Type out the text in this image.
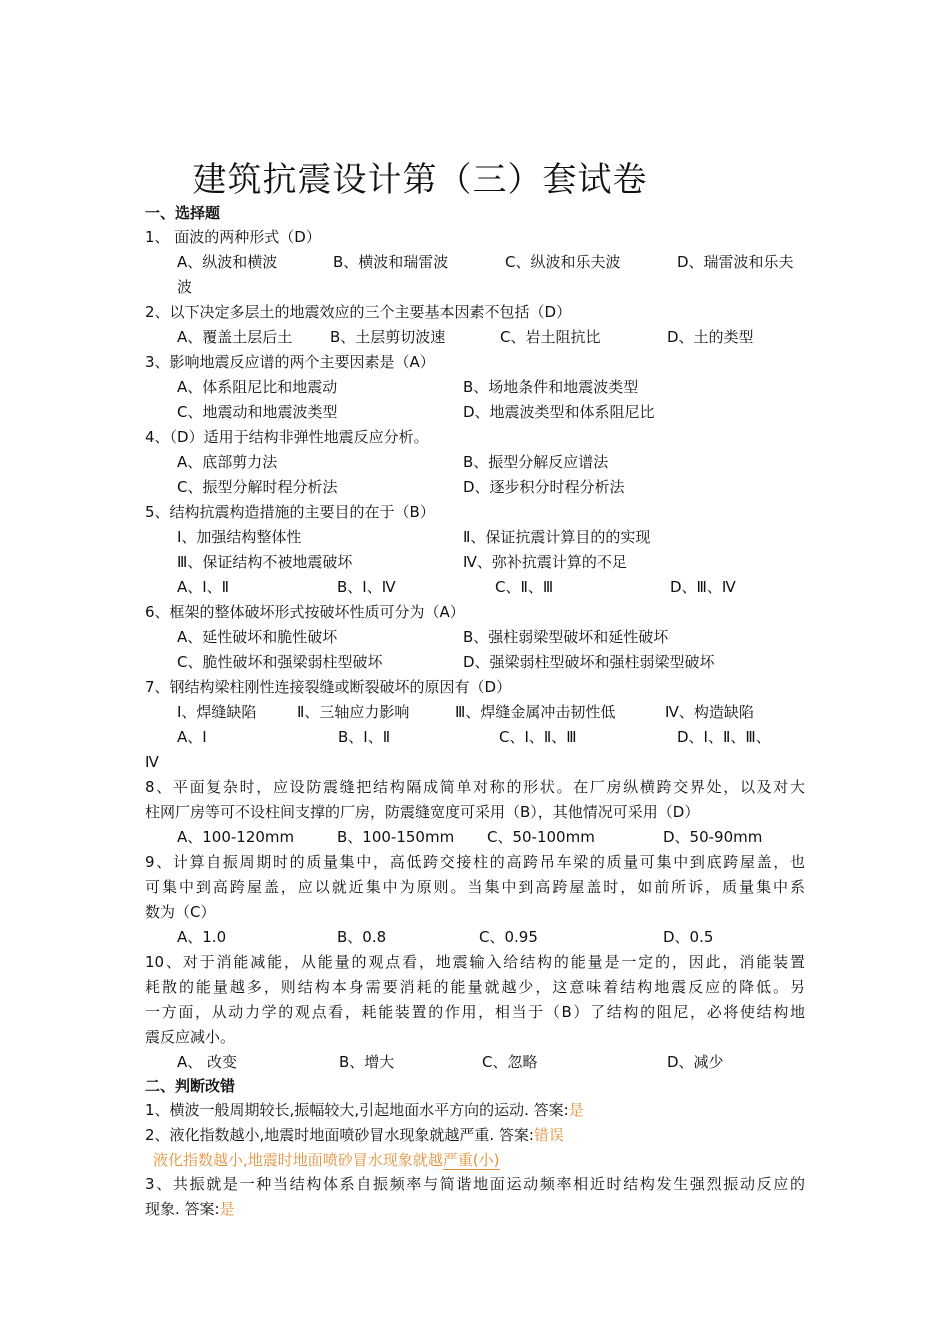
建筑抗震设计第（三）套试卷
一、选择题
1、 面波的两种形式（D）
A、纵波和横波	B、横波和瑞雷波	C、纵波和乐夫波	D、瑞雷波和乐夫
波
2、以下决定多层土的地震效应的三个主要基本因素不包括（D）
A、覆盖土层后土	B、土层剪切波速	C、岩土阻抗比	D、土的类型
3、影响地震反应谱的两个主要因素是（A）
A、体系阻尼比和地震动	B、场地条件和地震波类型
C、地震动和地震波类型	D、地震波类型和体系阻尼比
4、（D）适用于结构非弹性地震反应分析。
A、底部剪力法	B、振型分解反应谱法
C、振型分解时程分析法	D、逐步积分时程分析法
5、结构抗震构造措施的主要目的在于（B）
Ⅰ、加强结构整体性	Ⅱ、保证抗震计算目的的实现
Ⅲ、保证结构不被地震破坏	Ⅳ、弥补抗震计算的不足
A、Ⅰ、Ⅱ	B、Ⅰ、Ⅳ	C、Ⅱ、Ⅲ	D、Ⅲ、Ⅳ
6、框架的整体破坏形式按破坏性质可分为（A）
A、延性破坏和脆性破坏	B、强柱弱梁型破坏和延性破坏
C、脆性破坏和强梁弱柱型破坏	D、强梁弱柱型破坏和强柱弱梁型破坏
7、钢结构梁柱刚性连接裂缝或断裂破坏的原因有（D）
Ⅰ、焊缝缺陷	Ⅱ、三轴应力影响	Ⅲ、焊缝金属冲击韧性低	Ⅳ、构造缺陷
A、Ⅰ	B、Ⅰ、Ⅱ	C、Ⅰ、Ⅱ、Ⅲ	D、Ⅰ、Ⅱ、Ⅲ、
Ⅳ
8、平面复杂时，应设防震缝把结构隔成简单对称的形状。在厂房纵横跨交界处，以及对大
柱网厂房等可不设柱间支撑的厂房，防震缝宽度可采用（B），其他情况可采用（D）
A、100-120mm	B、100-150mm C、50-100mm	D、50-90mm
9、计算自振周期时的质量集中，高低跨交接柱的高跨吊车梁的质量可集中到底跨屋盖，也
可集中到高跨屋盖，应以就近集中为原则。当集中到高跨屋盖时，如前所诉，质量集中系
数为（C）
A、1.0	B、0.8	C、0.95	D、0.5
10、对于消能减能，从能量的观点看，地震输入给结构的能量是一定的，因此，消能装置
耗散的能量越多，则结构本身需要消耗的能量就越少，这意味着结构地震反应的降低。另
一方面，从动力学的观点看，耗能装置的作用，相当于（B）了结构的阻尼，必将使结构地
震反应减小。
A、 改变	B、增大	C、忽略	D、减少
二、判断改错
1、横波一般周期较长,振幅较大,引起地面水平方向的运动. 答案:是
2、液化指数越小,地震时地面喷砂冒水现象就越严重. 答案:错误
液化指数越小,地震时地面喷砂冒水现象就越严重(小)
3、共振就是一种当结构体系自振频率与简谐地面运动频率相近时结构发生强烈振动反应的
现象. 答案:是
